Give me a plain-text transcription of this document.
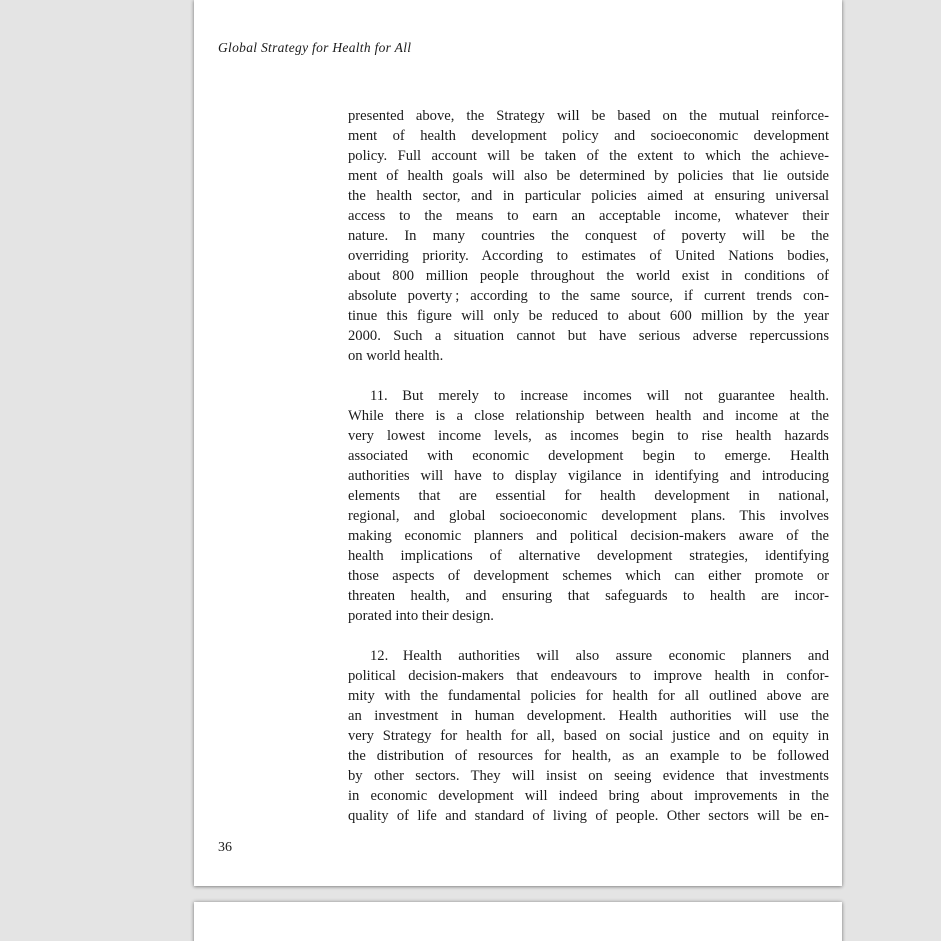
Global Strategy for Health for All
presented above, the Strategy will be based on the mutual reinforce-
ment of health development policy and socioeconomic development
policy. Full account will be taken of the extent to which the achieve-
ment of health goals will also be determined by policies that lie outside
the health sector, and in particular policies aimed at ensuring universal
access to the means to earn an acceptable income, whatever their
nature. In many countries the conquest of poverty will be the
overriding priority. According to estimates of United Nations bodies,
about 800 million people throughout the world exist in conditions of
absolute poverty ; according to the same source, if current trends con-
tinue this figure will only be reduced to about 600 million by the year
2000. Such a situation cannot but have serious adverse repercussions
on world health.
11. But merely to increase incomes will not guarantee health.
While there is a close relationship between health and income at the
very lowest income levels, as incomes begin to rise health hazards
associated with economic development begin to emerge. Health
authorities will have to display vigilance in identifying and introducing
elements that are essential for health development in national,
regional, and global socioeconomic development plans. This involves
making economic planners and political decision-makers aware of the
health implications of alternative development strategies, identifying
those aspects of development schemes which can either promote or
threaten health, and ensuring that safeguards to health are incor-
porated into their design.
12. Health authorities will also assure economic planners and
political decision-makers that endeavours to improve health in confor-
mity with the fundamental policies for health for all outlined above are
an investment in human development. Health authorities will use the
very Strategy for health for all, based on social justice and on equity in
the distribution of resources for health, as an example to be followed
by other sectors. They will insist on seeing evidence that investments
in economic development will indeed bring about improvements in the
quality of life and standard of living of people. Other sectors will be en-
36
